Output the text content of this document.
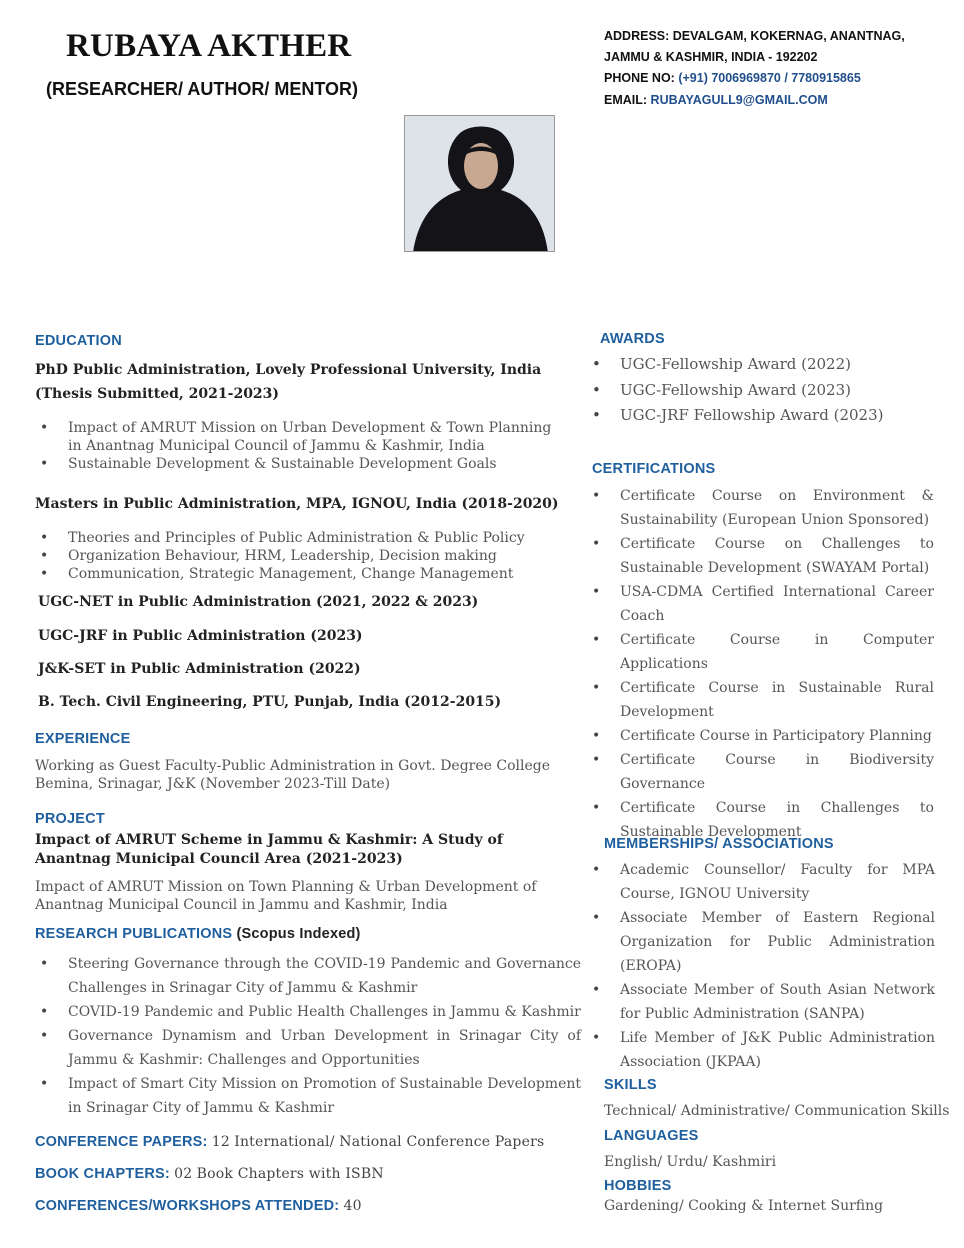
RUBAYA AKTHER
(RESEARCHER/ AUTHOR/ MENTOR)
ADDRESS: DEVALGAM, KOKERNAG, ANANTNAG,
JAMMU & KASHMIR, INDIA - 192202
PHONE NO: (+91) 7006969870 / 7780915865
EMAIL: RUBAYAGULL9@GMAIL.COM
EDUCATION
PhD Public Administration, Lovely Professional University, India
(Thesis Submitted, 2021-2023)
• Impact of AMRUT Mission on Urban Development & Town Planning in Anantnag Municipal Council of Jammu & Kashmir, India
• Sustainable Development & Sustainable Development Goals
Masters in Public Administration, MPA, IGNOU, India (2018-2020)
• Theories and Principles of Public Administration & Public Policy
• Organization Behaviour, HRM, Leadership, Decision making
• Communication, Strategic Management, Change Management
UGC-NET in Public Administration (2021, 2022 & 2023)
UGC-JRF in Public Administration (2023)
J&K-SET in Public Administration (2022)
B. Tech. Civil Engineering, PTU, Punjab, India (2012-2015)
EXPERIENCE
Working as Guest Faculty-Public Administration in Govt. Degree College Bemina, Srinagar, J&K (November 2023-Till Date)
PROJECT
Impact of AMRUT Scheme in Jammu & Kashmir: A Study of Anantnag Municipal Council Area (2021-2023)
Impact of AMRUT Mission on Town Planning & Urban Development of Anantnag Municipal Council in Jammu and Kashmir, India
RESEARCH PUBLICATIONS (Scopus Indexed)
• Steering Governance through the COVID-19 Pandemic and Governance Challenges in Srinagar City of Jammu & Kashmir
• COVID-19 Pandemic and Public Health Challenges in Jammu & Kashmir
• Governance Dynamism and Urban Development in Srinagar City of Jammu & Kashmir: Challenges and Opportunities
• Impact of Smart City Mission on Promotion of Sustainable Development in Srinagar City of Jammu & Kashmir
CONFERENCE PAPERS: 12 International/ National Conference Papers
BOOK CHAPTERS: 02 Book Chapters with ISBN
CONFERENCES/WORKSHOPS ATTENDED: 40
AWARDS
• UGC-Fellowship Award (2022)
• UGC-Fellowship Award (2023)
• UGC-JRF Fellowship Award (2023)
CERTIFICATIONS
• Certificate Course on Environment & Sustainability (European Union Sponsored)
• Certificate Course on Challenges to Sustainable Development (SWAYAM Portal)
• USA-CDMA Certified International Career Coach
• Certificate Course in Computer Applications
• Certificate Course in Sustainable Rural Development
• Certificate Course in Participatory Planning
• Certificate Course in Biodiversity Governance
• Certificate Course in Challenges to Sustainable Development
MEMBERSHIPS/ ASSOCIATIONS
• Academic Counsellor/ Faculty for MPA Course, IGNOU University
• Associate Member of Eastern Regional Organization for Public Administration (EROPA)
• Associate Member of South Asian Network for Public Administration (SANPA)
• Life Member of J&K Public Administration Association (JKPAA)
SKILLS
Technical/ Administrative/ Communication Skills
LANGUAGES
English/ Urdu/ Kashmiri
HOBBIES
Gardening/ Cooking & Internet Surfing
